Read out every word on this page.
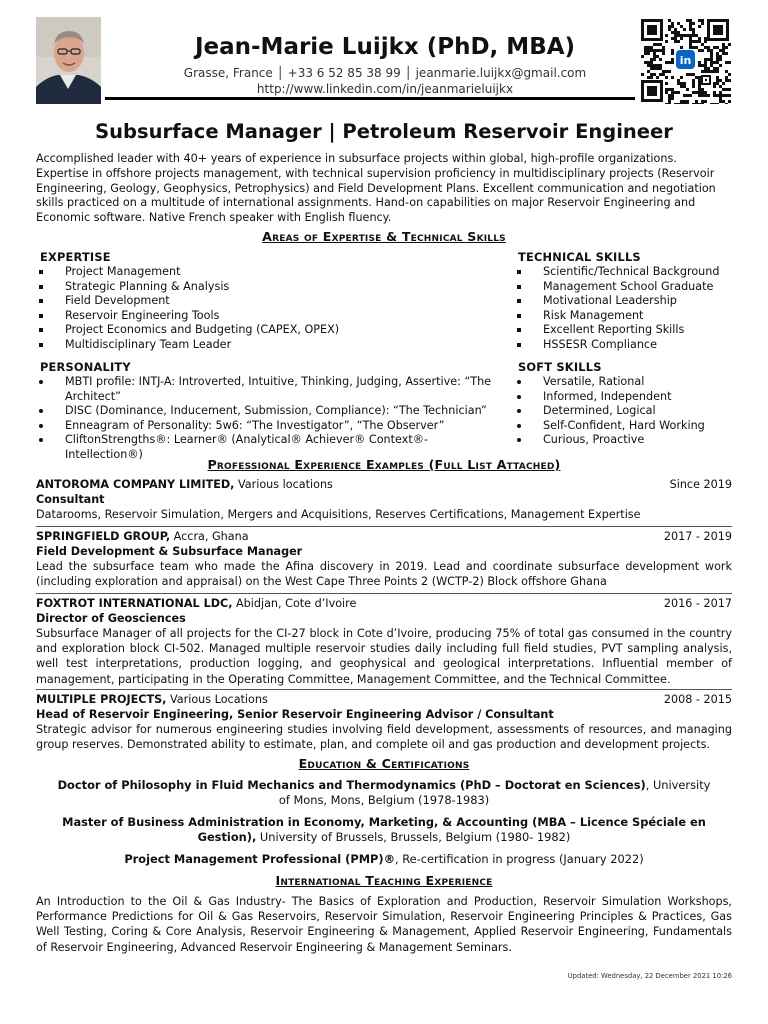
Jean-Marie Luijkx (PhD, MBA)
Grasse, France │ +33 6 52 85 38 99 │ jeanmarie.luijkx@gmail.com
http://www.linkedin.com/in/jeanmarieluijkx
in
Subsurface Manager | Petroleum Reservoir Engineer
Accomplished leader with 40+ years of experience in subsurface projects within global, high-profile organizations. Expertise in offshore projects management, with technical supervision proficiency in multidisciplinary projects (Reservoir Engineering, Geology, Geophysics, Petrophysics) and Field Development Plans. Excellent communication and negotiation skills practiced on a multitude of international assignments. Hand-on capabilities on major Reservoir Engineering and Economic software. Native French speaker with English fluency.
Areas of Expertise & Technical Skills
EXPERTISE
Project Management
Strategic Planning & Analysis
Field Development
Reservoir Engineering Tools
Project Economics and Budgeting (CAPEX, OPEX)
Multidisciplinary Team Leader
TECHNICAL SKILLS
Scientific/Technical Background
Management School Graduate
Motivational Leadership
Risk Management
Excellent Reporting Skills
HSSESR Compliance
PERSONALITY
MBTI profile: INTJ-A: Introverted, Intuitive, Thinking, Judging, Assertive: “The Architect”
DISC (Dominance, Inducement, Submission, Compliance): “The Technician”
Enneagram of Personality: 5w6: “The Investigator”, “The Observer”
CliftonStrengths®: Learner® (Analytical® Achiever® Context®- Intellection®)
SOFT SKILLS
Versatile, Rational
Informed, Independent
Determined, Logical
Self-Confident, Hard Working
Curious, Proactive
Professional Experience Examples (Full List Attached)
ANTOROMA COMPANY LIMITED, Various locations	Since 2019
Consultant
Datarooms, Reservoir Simulation, Mergers and Acquisitions, Reserves Certifications, Management Expertise
SPRINGFIELD GROUP, Accra, Ghana	2017 - 2019
Field Development & Subsurface Manager
Lead the subsurface team who made the Afina discovery in 2019. Lead and coordinate subsurface development work (including exploration and appraisal) on the West Cape Three Points 2 (WCTP-2) Block offshore Ghana
FOXTROT INTERNATIONAL LDC, Abidjan, Cote d’Ivoire	2016 - 2017
Director of Geosciences
Subsurface Manager of all projects for the CI-27 block in Cote d’Ivoire, producing 75% of total gas consumed in the country and exploration block CI-502. Managed multiple reservoir studies daily including full field studies, PVT sampling analysis, well test interpretations, production logging, and geophysical and geological interpretations. Influential member of management, participating in the Operating Committee, Management Committee, and the Technical Committee.
MULTIPLE PROJECTS, Various Locations	2008 - 2015
Head of Reservoir Engineering, Senior Reservoir Engineering Advisor / Consultant
Strategic advisor for numerous engineering studies involving field development, assessments of resources, and managing group reserves. Demonstrated ability to estimate, plan, and complete oil and gas production and development projects.
Education & Certifications
Doctor of Philosophy in Fluid Mechanics and Thermodynamics (PhD – Doctorat en Sciences), University of Mons, Mons, Belgium (1978-1983)
Master of Business Administration in Economy, Marketing, & Accounting (MBA – Licence Spéciale en Gestion), University of Brussels, Brussels, Belgium (1980- 1982)
Project Management Professional (PMP)®, Re-certification in progress (January 2022)
International Teaching Experience
An Introduction to the Oil & Gas Industry- The Basics of Exploration and Production, Reservoir Simulation Workshops, Performance Predictions for Oil & Gas Reservoirs, Reservoir Simulation, Reservoir Engineering Principles & Practices, Gas Well Testing, Coring & Core Analysis, Reservoir Engineering & Management, Applied Reservoir Engineering, Fundamentals of Reservoir Engineering, Advanced Reservoir Engineering & Management Seminars.
Updated: Wednesday, 22 December 2021 10:26
